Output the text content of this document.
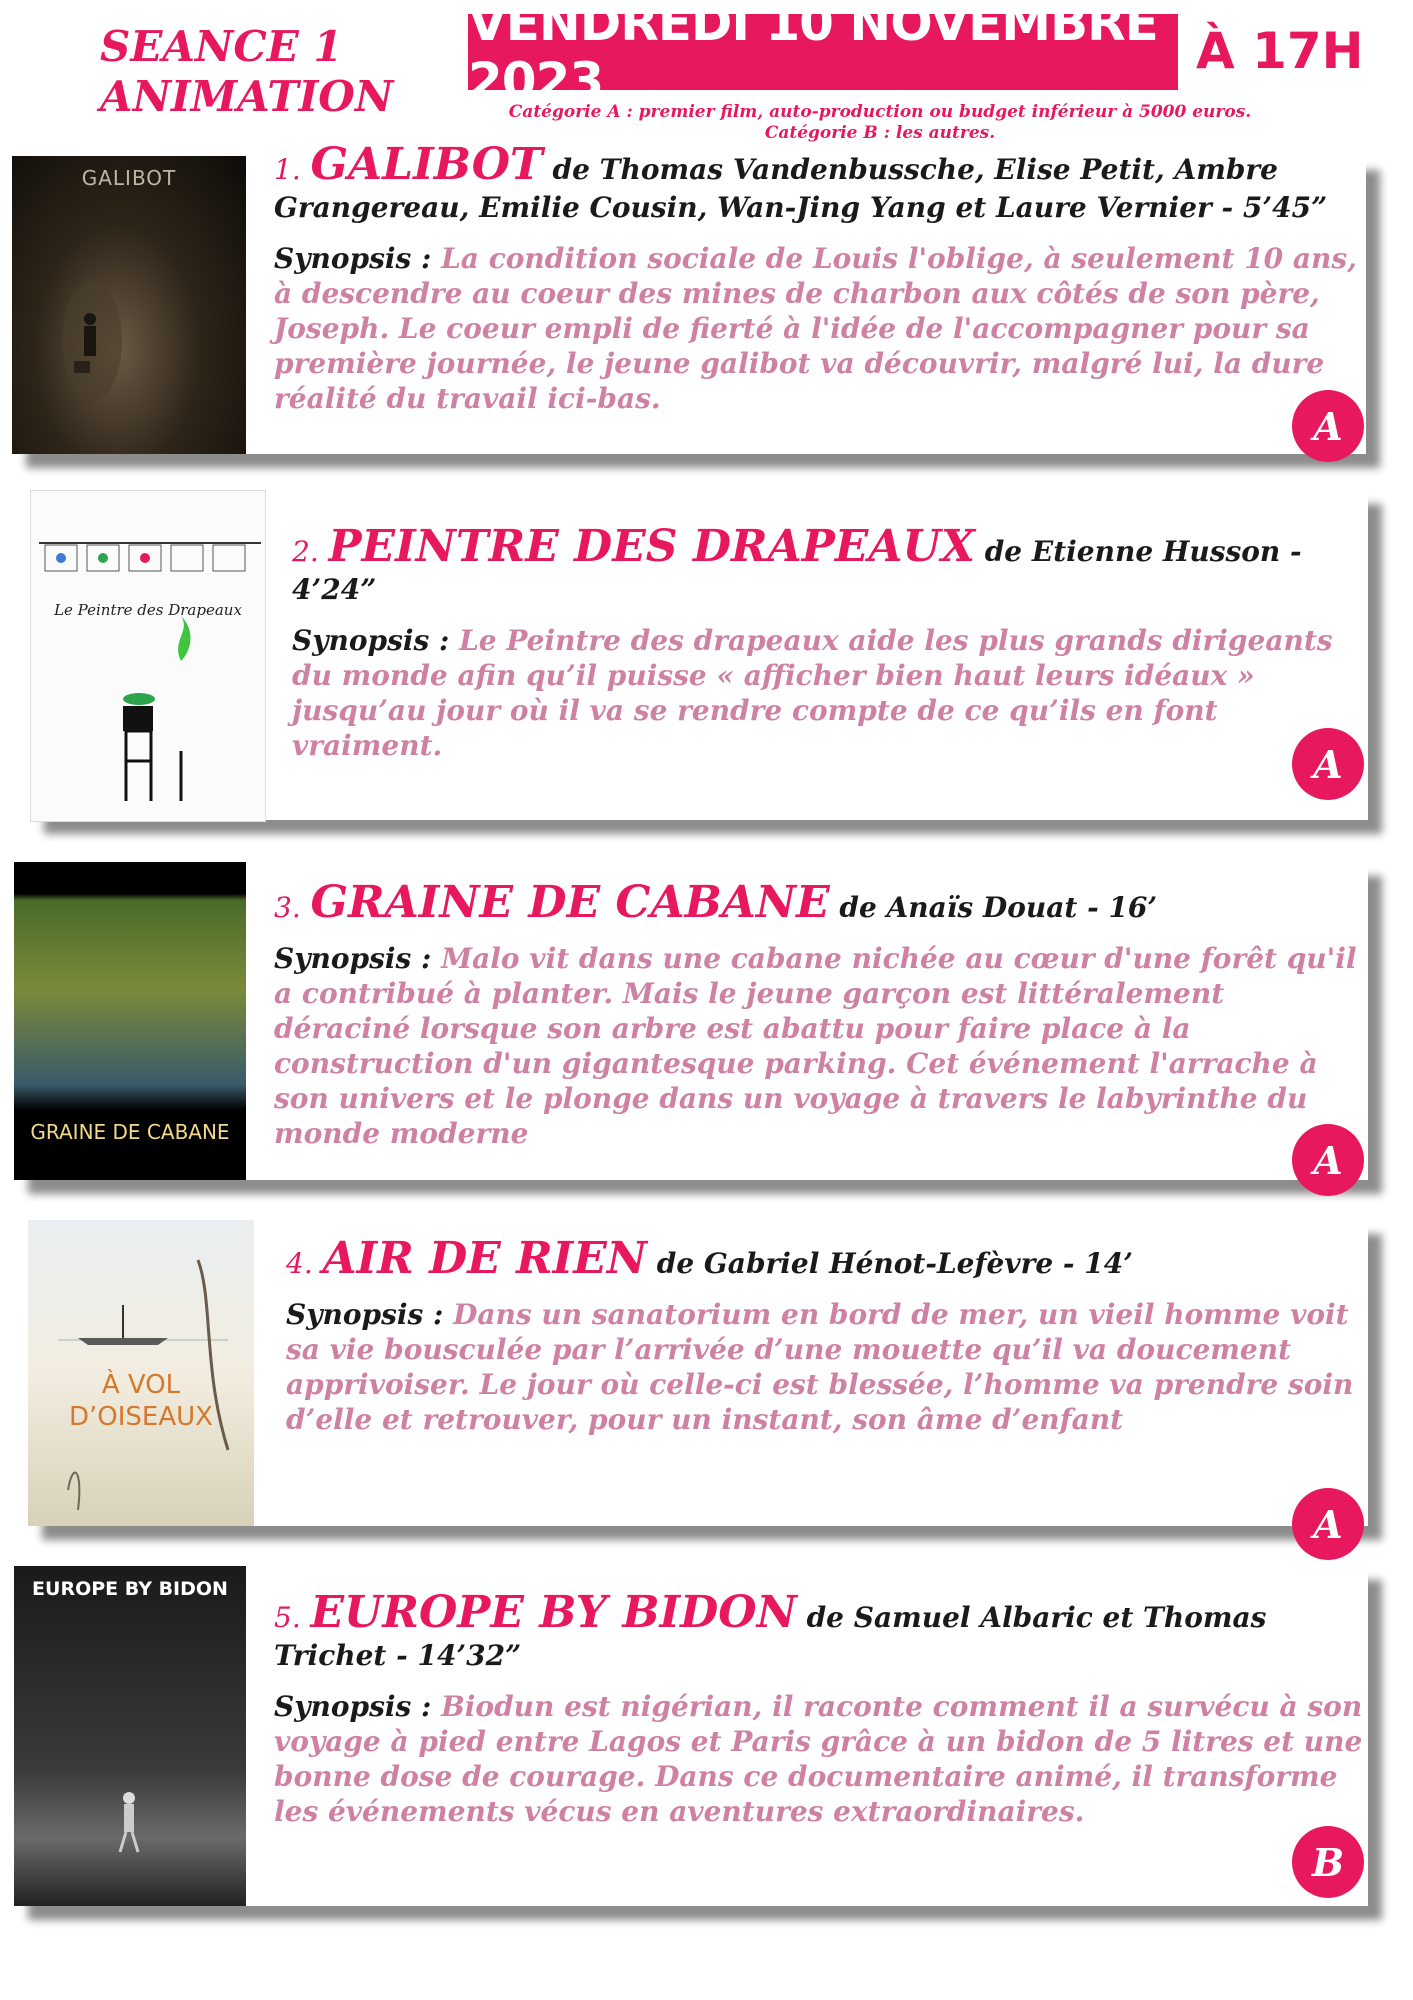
SEANCE 1
ANIMATION
VENDREDI 10 NOVEMBRE 2023
À 17H
Catégorie A : premier film, auto-production ou budget inférieur à 5000 euros. Catégorie B : les autres.
GALIBOT	1. GALIBOT de Thomas Vandenbussche, Elise Petit, Ambre Grangereau, Emilie Cousin, Wan-Jing Yang et Laure Vernier - 5’45”
Synopsis : La condition sociale de Louis l'oblige, à seulement 10 ans, à descendre au coeur des mines de charbon aux côtés de son père, Joseph. Le coeur empli de fierté à l'idée de l'accompagner pour sa première journée, le jeune galibot va découvrir, malgré lui, la dure réalité du travail ici-bas.
A
Le Peintre des Drapeaux
2. PEINTRE DES DRAPEAUX de Etienne Husson - 4’24”
Synopsis : Le Peintre des drapeaux aide les plus grands dirigeants du monde afin qu’il puisse « afficher bien haut leurs idéaux » jusqu’au jour où il va se rendre compte de ce qu’ils en font vraiment.	A
GRAINE DE CABANE
3. GRAINE DE CABANE de Anaïs Douat - 16’
Synopsis : Malo vit dans une cabane nichée au cœur d'une forêt qu'il a contribué à planter. Mais le jeune garçon est littéralement déraciné lorsque son arbre est abattu pour faire place à la construction d'un gigantesque parking. Cet événement l'arrache à son univers et le plonge dans un voyage à travers le labyrinthe du monde moderne
A
À VOL
D’OISEAUX
4. AIR DE RIEN de Gabriel Hénot-Lefèvre - 14’
Synopsis : Dans un sanatorium en bord de mer, un vieil homme voit sa vie bousculée par l’arrivée d’une mouette qu’il va doucement apprivoiser. Le jour où celle-ci est blessée, l’homme va prendre soin d’elle et retrouver, pour un instant, son âme d’enfant
A
EUROPE BY BIDON
5. EUROPE BY BIDON de Samuel Albaric et Thomas Trichet - 14’32”
Synopsis : Biodun est nigérian, il raconte comment il a survécu à son voyage à pied entre Lagos et Paris grâce à un bidon de 5 litres et une bonne dose de courage. Dans ce documentaire animé, il transforme les événements vécus en aventures extraordinaires.
B
